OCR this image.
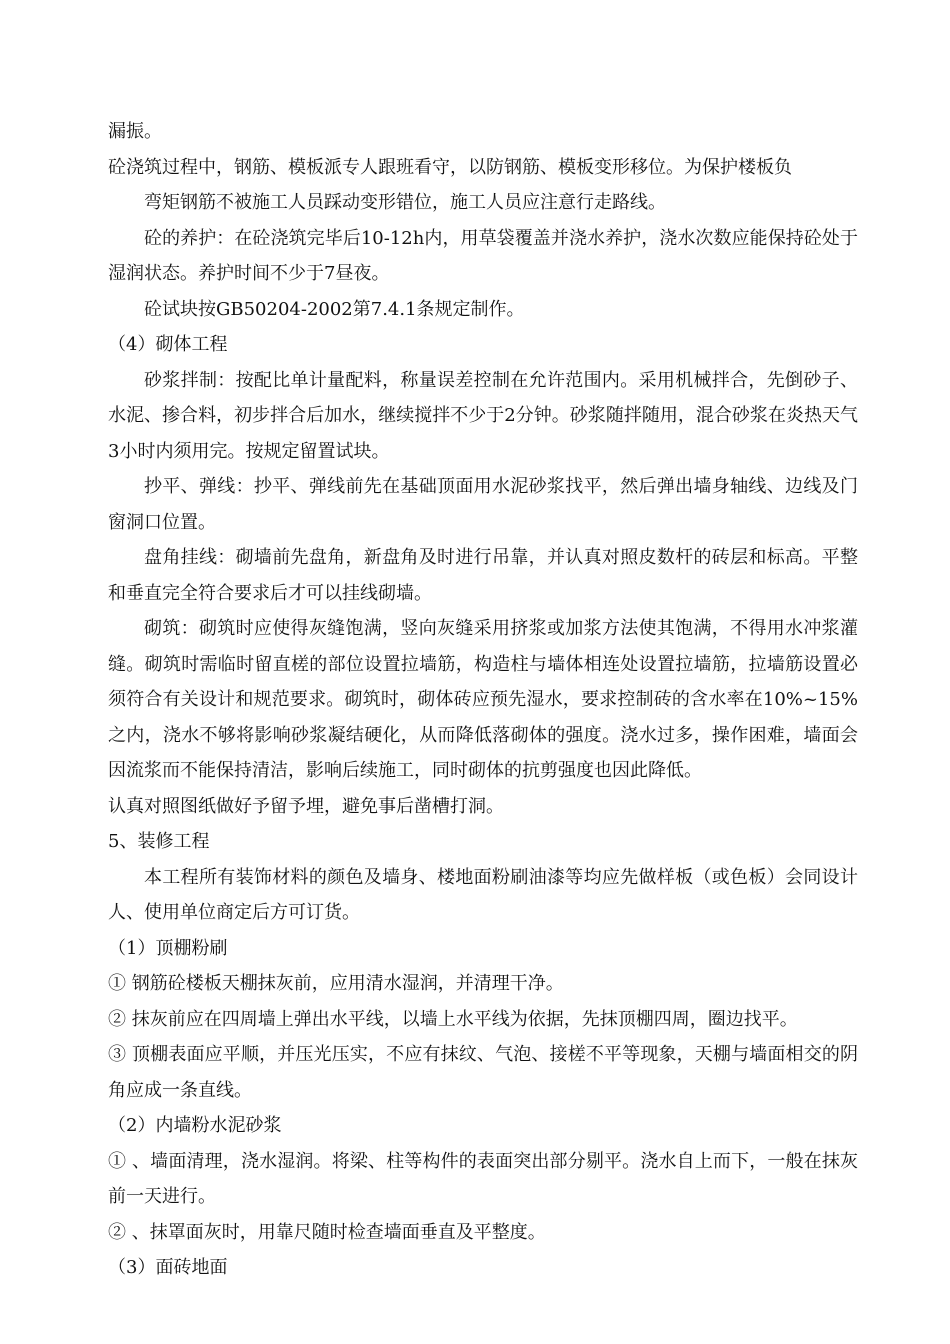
漏振。

砼浇筑过程中，钢筋、模板派专人跟班看守，以防钢筋、模板变形移位。为保护楼板负

弯矩钢筋不被施工人员踩动变形错位，施工人员应注意行走路线。

砼的养护：在砼浇筑完毕后10-12h内，用草袋覆盖并浇水养护，浇水次数应能保持砼处于湿润状态。养护时间不少于7昼夜。

砼试块按GB50204-2002第7.4.1条规定制作。

（4）砌体工程

砂浆拌制：按配比单计量配料，称量误差控制在允许范围内。采用机械拌合，先倒砂子、水泥、掺合料，初步拌合后加水，继续搅拌不少于2分钟。砂浆随拌随用，混合砂浆在炎热天气3小时内须用完。按规定留置试块。

抄平、弹线：抄平、弹线前先在基础顶面用水泥砂浆找平，然后弹出墙身轴线、边线及门窗洞口位置。

盘角挂线：砌墙前先盘角，新盘角及时进行吊靠，并认真对照皮数杆的砖层和标高。平整和垂直完全符合要求后才可以挂线砌墙。

砌筑：砌筑时应使得灰缝饱满，竖向灰缝采用挤浆或加浆方法使其饱满，不得用水冲浆灌缝。砌筑时需临时留直槎的部位设置拉墙筋，构造柱与墙体相连处设置拉墙筋，拉墙筋设置必须符合有关设计和规范要求。砌筑时，砌体砖应预先湿水，要求控制砖的含水率在10%~15%之内，浇水不够将影响砂浆凝结硬化，从而降低落砌体的强度。浇水过多，操作困难，墙面会因流浆而不能保持清洁，影响后续施工，同时砌体的抗剪强度也因此降低。

认真对照图纸做好予留予埋，避免事后凿槽打洞。

5、装修工程

本工程所有装饰材料的颜色及墙身、楼地面粉刷油漆等均应先做样板（或色板）会同设计人、使用单位商定后方可订货。

（1）顶棚粉刷

① 钢筋砼楼板天棚抹灰前，应用清水湿润，并清理干净。

② 抹灰前应在四周墙上弹出水平线，以墙上水平线为依据，先抹顶棚四周，圈边找平。

③ 顶棚表面应平顺，并压光压实，不应有抹纹、气泡、接槎不平等现象，天棚与墙面相交的阴角应成一条直线。

（2）内墙粉水泥砂浆

① 、墙面清理，浇水湿润。将梁、柱等构件的表面突出部分剔平。浇水自上而下，一般在抹灰前一天进行。

② 、抹罩面灰时，用靠尺随时检查墙面垂直及平整度。

（3）面砖地面
